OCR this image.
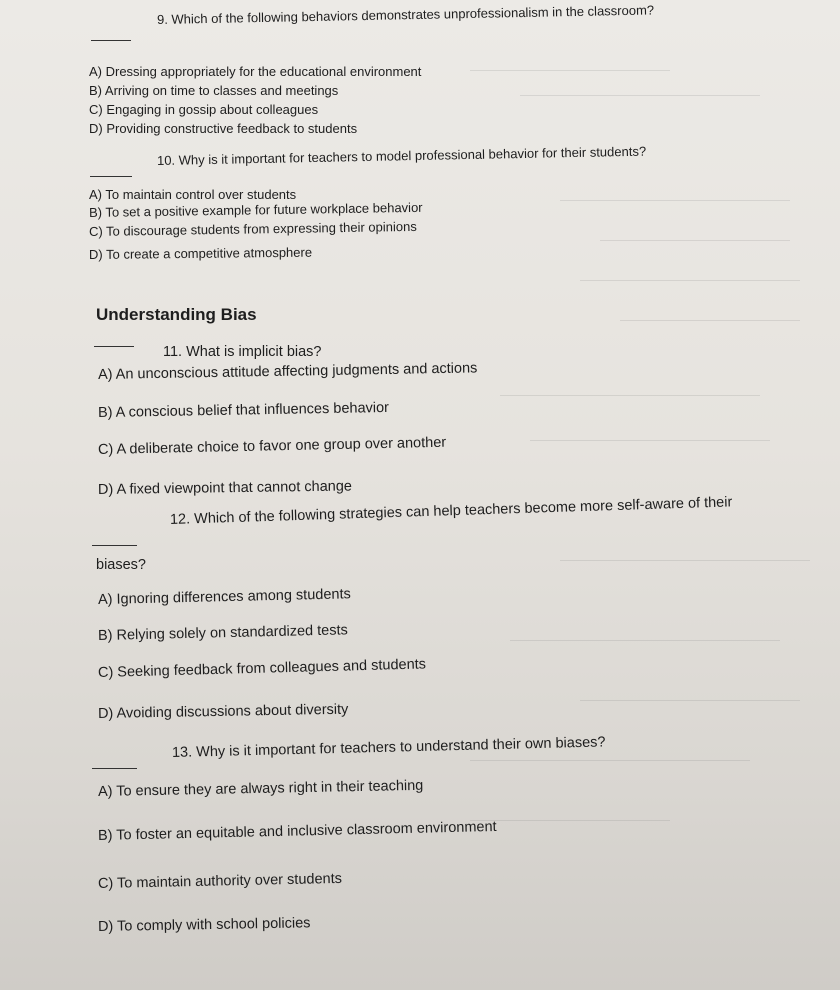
9. Which of the following behaviors demonstrates unprofessionalism in the classroom?
A) Dressing appropriately for the educational environment
B) Arriving on time to classes and meetings
C) Engaging in gossip about colleagues
D) Providing constructive feedback to students
10. Why is it important for teachers to model professional behavior for their students?
A) To maintain control over students
B) To set a positive example for future workplace behavior
C) To discourage students from expressing their opinions
D) To create a competitive atmosphere
Understanding Bias
11. What is implicit bias?
A) An unconscious attitude affecting judgments and actions
B) A conscious belief that influences behavior
C) A deliberate choice to favor one group over another
D) A fixed viewpoint that cannot change
12. Which of the following strategies can help teachers become more self-aware of their
biases?
A) Ignoring differences among students
B) Relying solely on standardized tests
C) Seeking feedback from colleagues and students
D) Avoiding discussions about diversity
13. Why is it important for teachers to understand their own biases?
A) To ensure they are always right in their teaching
B) To foster an equitable and inclusive classroom environment
C) To maintain authority over students
D) To comply with school policies
